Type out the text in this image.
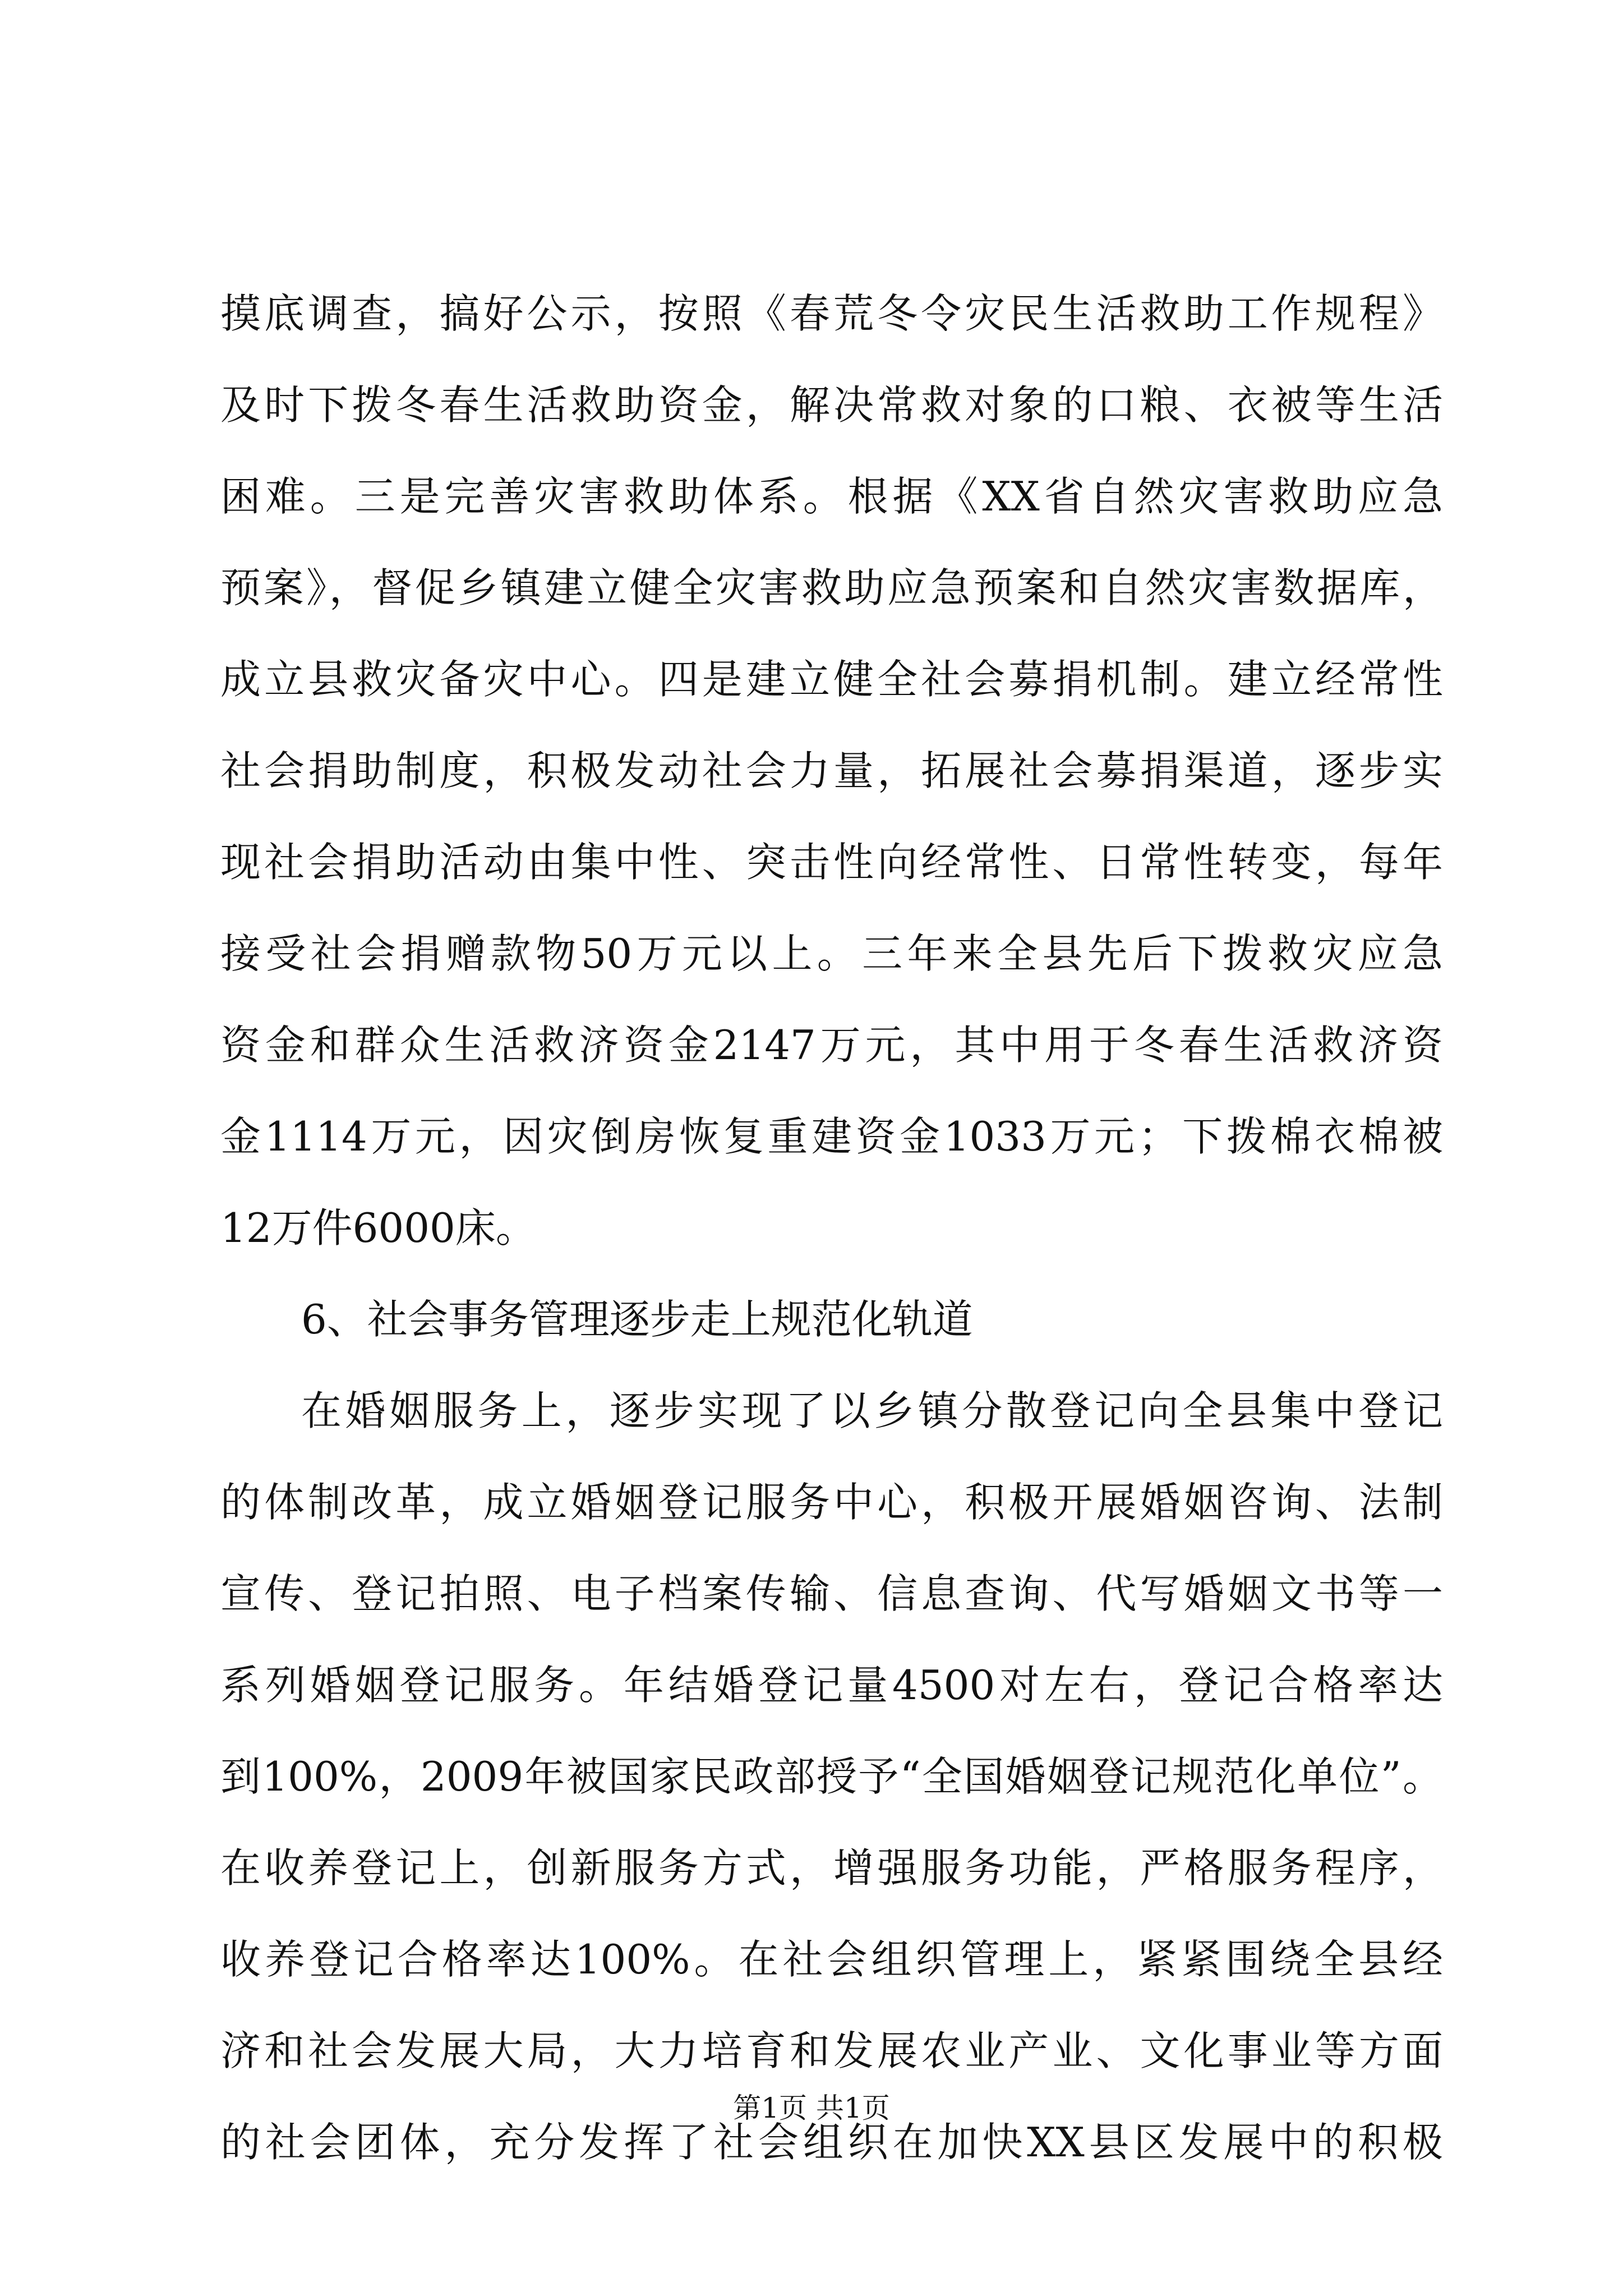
摸底调查，搞好公示，按照《春荒冬令灾民生活救助工作规程》
及时下拨冬春生活救助资金，解决常救对象的口粮、衣被等生活
困难。三是完善灾害救助体系。根据《XX省自然灾害救助应急
预案》，督促乡镇建立健全灾害救助应急预案和自然灾害数据库，
成立县救灾备灾中心。四是建立健全社会募捐机制。建立经常性
社会捐助制度，积极发动社会力量，拓展社会募捐渠道，逐步实
现社会捐助活动由集中性、突击性向经常性、日常性转变，每年
接受社会捐赠款物50万元以上。三年来全县先后下拨救灾应急
资金和群众生活救济资金2147万元，其中用于冬春生活救济资
金1114万元，因灾倒房恢复重建资金1033万元；下拨棉衣棉被
12万件6000床。
6、社会事务管理逐步走上规范化轨道
在婚姻服务上，逐步实现了以乡镇分散登记向全县集中登记
的体制改革，成立婚姻登记服务中心，积极开展婚姻咨询、法制
宣传、登记拍照、电子档案传输、信息查询、代写婚姻文书等一
系列婚姻登记服务。年结婚登记量4500对左右，登记合格率达
到100%，2009年被国家民政部授予“全国婚姻登记规范化单位”。
在收养登记上，创新服务方式，增强服务功能，严格服务程序，
收养登记合格率达100%。在社会组织管理上，紧紧围绕全县经
济和社会发展大局，大力培育和发展农业产业、文化事业等方面
的社会团体，充分发挥了社会组织在加快XX县区发展中的积极
第1页 共1页
